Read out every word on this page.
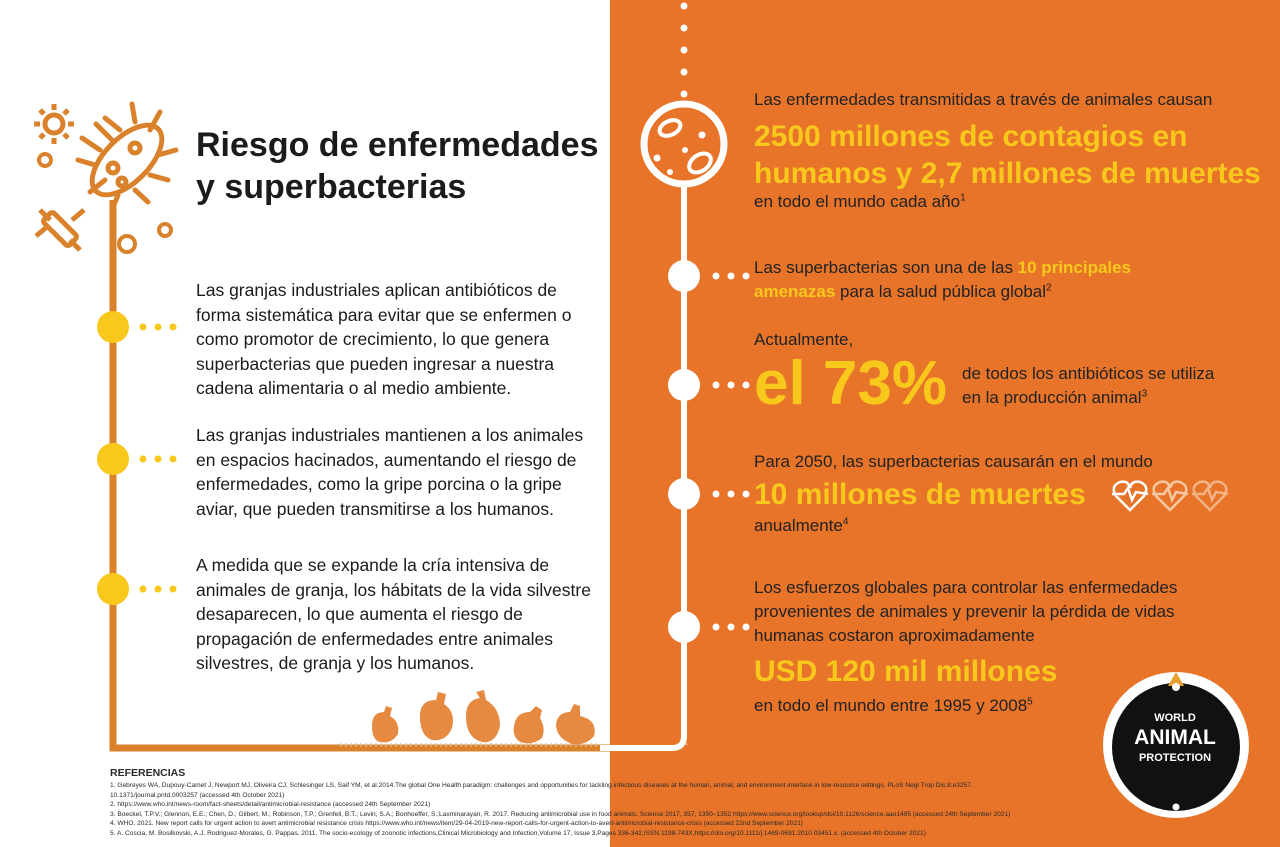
Riesgo de enfermedades
y superbacterias

Las granjas industriales aplican antibióticos de forma sistemática para evitar que se enfermen o como promotor de crecimiento, lo que genera superbacterias que pueden ingresar a nuestra cadena alimentaria o al medio ambiente.

Las granjas industriales mantienen a los animales en espacios hacinados, aumentando el riesgo de enfermedades, como la gripe porcina o la gripe aviar, que pueden transmitirse a los humanos.

A medida que se expande la cría intensiva de animales de granja, los hábitats de la vida silvestre desaparecen, lo que aumenta el riesgo de propagación de enfermedades entre animales silvestres, de granja y los humanos.

Las enfermedades transmitidas a través de animales causan

2500 millones de contagios en
humanos y 2,7 millones de muertes

en todo el mundo cada año$^1$

Las superbacterias son una de las 10 principales
amenazas para la salud pública global$^2$

Actualmente,

el 73% de todos los antibióticos se utiliza
en la producción animal$^3$

Para 2050, las superbacterias causarán en el mundo

10 millones de muertes

anualmente$^4$

Los esfuerzos globales para controlar las enfermedades
provenientes de animales y prevenir la pérdida de vidas
humanas costaron aproximadamente

USD 120 mil millones

en todo el mundo entre 1995 y 2008$^5$

WORLD

ANIMAL

PROTECTION

REFERENCIAS
1. Gebreyes WA, Dupouy-Camet J, Newport MJ, Oliveira CJ, Schlesinger LS, Saif YM, et al.2014.The global One Health paradigm: challenges and opportunities for tackling infectious diseases at the human, animal, and environment interface in low-resource settings. PLoS Negl Trop Dis.8:e3257.
10.1371/journal.pntd.0003257 (accessed 4th October 2021)
2. https://www.who.int/news-room/fact-sheets/detail/antimicrobial-resistance (accessed 24th September 2021)
3. Boeckel, T.P.V.; Glennon, E.E.; Chen, D.; Gilbert, M.; Robinson, T.P.; Grenfell, B.T.; Levin, S.A.; Bonhoeffer, S.;Laxminarayan, R. 2017. Reducing antimicrobial use in food animals. Science 2017, 357, 1350–1352 https://www.science.org/lookup/doi/10.1126/science.aao1495 (accessed 24th September 2021)
4. WHO. 2021. New report calls for urgent action to avert antimicrobial resistance crisis https://www.who.int/news/item/29-04-2019-new-report-calls-for-urgent-action-to-avert-antimicrobial-resistance-crisis (accessed 22nd September 2021)
5. A. Coscia, M. Bosilkovski, A.J. Rodriguez-Morales, G. Pappas. 2011. The socio-ecology of zoonotic infections,Clinical Microbiology and Infection,Volume 17, Issue 3,Pages 336-342,ISSN 1198-743X,https://doi.org/10.1111/j.1469-0691.2010.03451.x. (accessed 4th October 2021)
